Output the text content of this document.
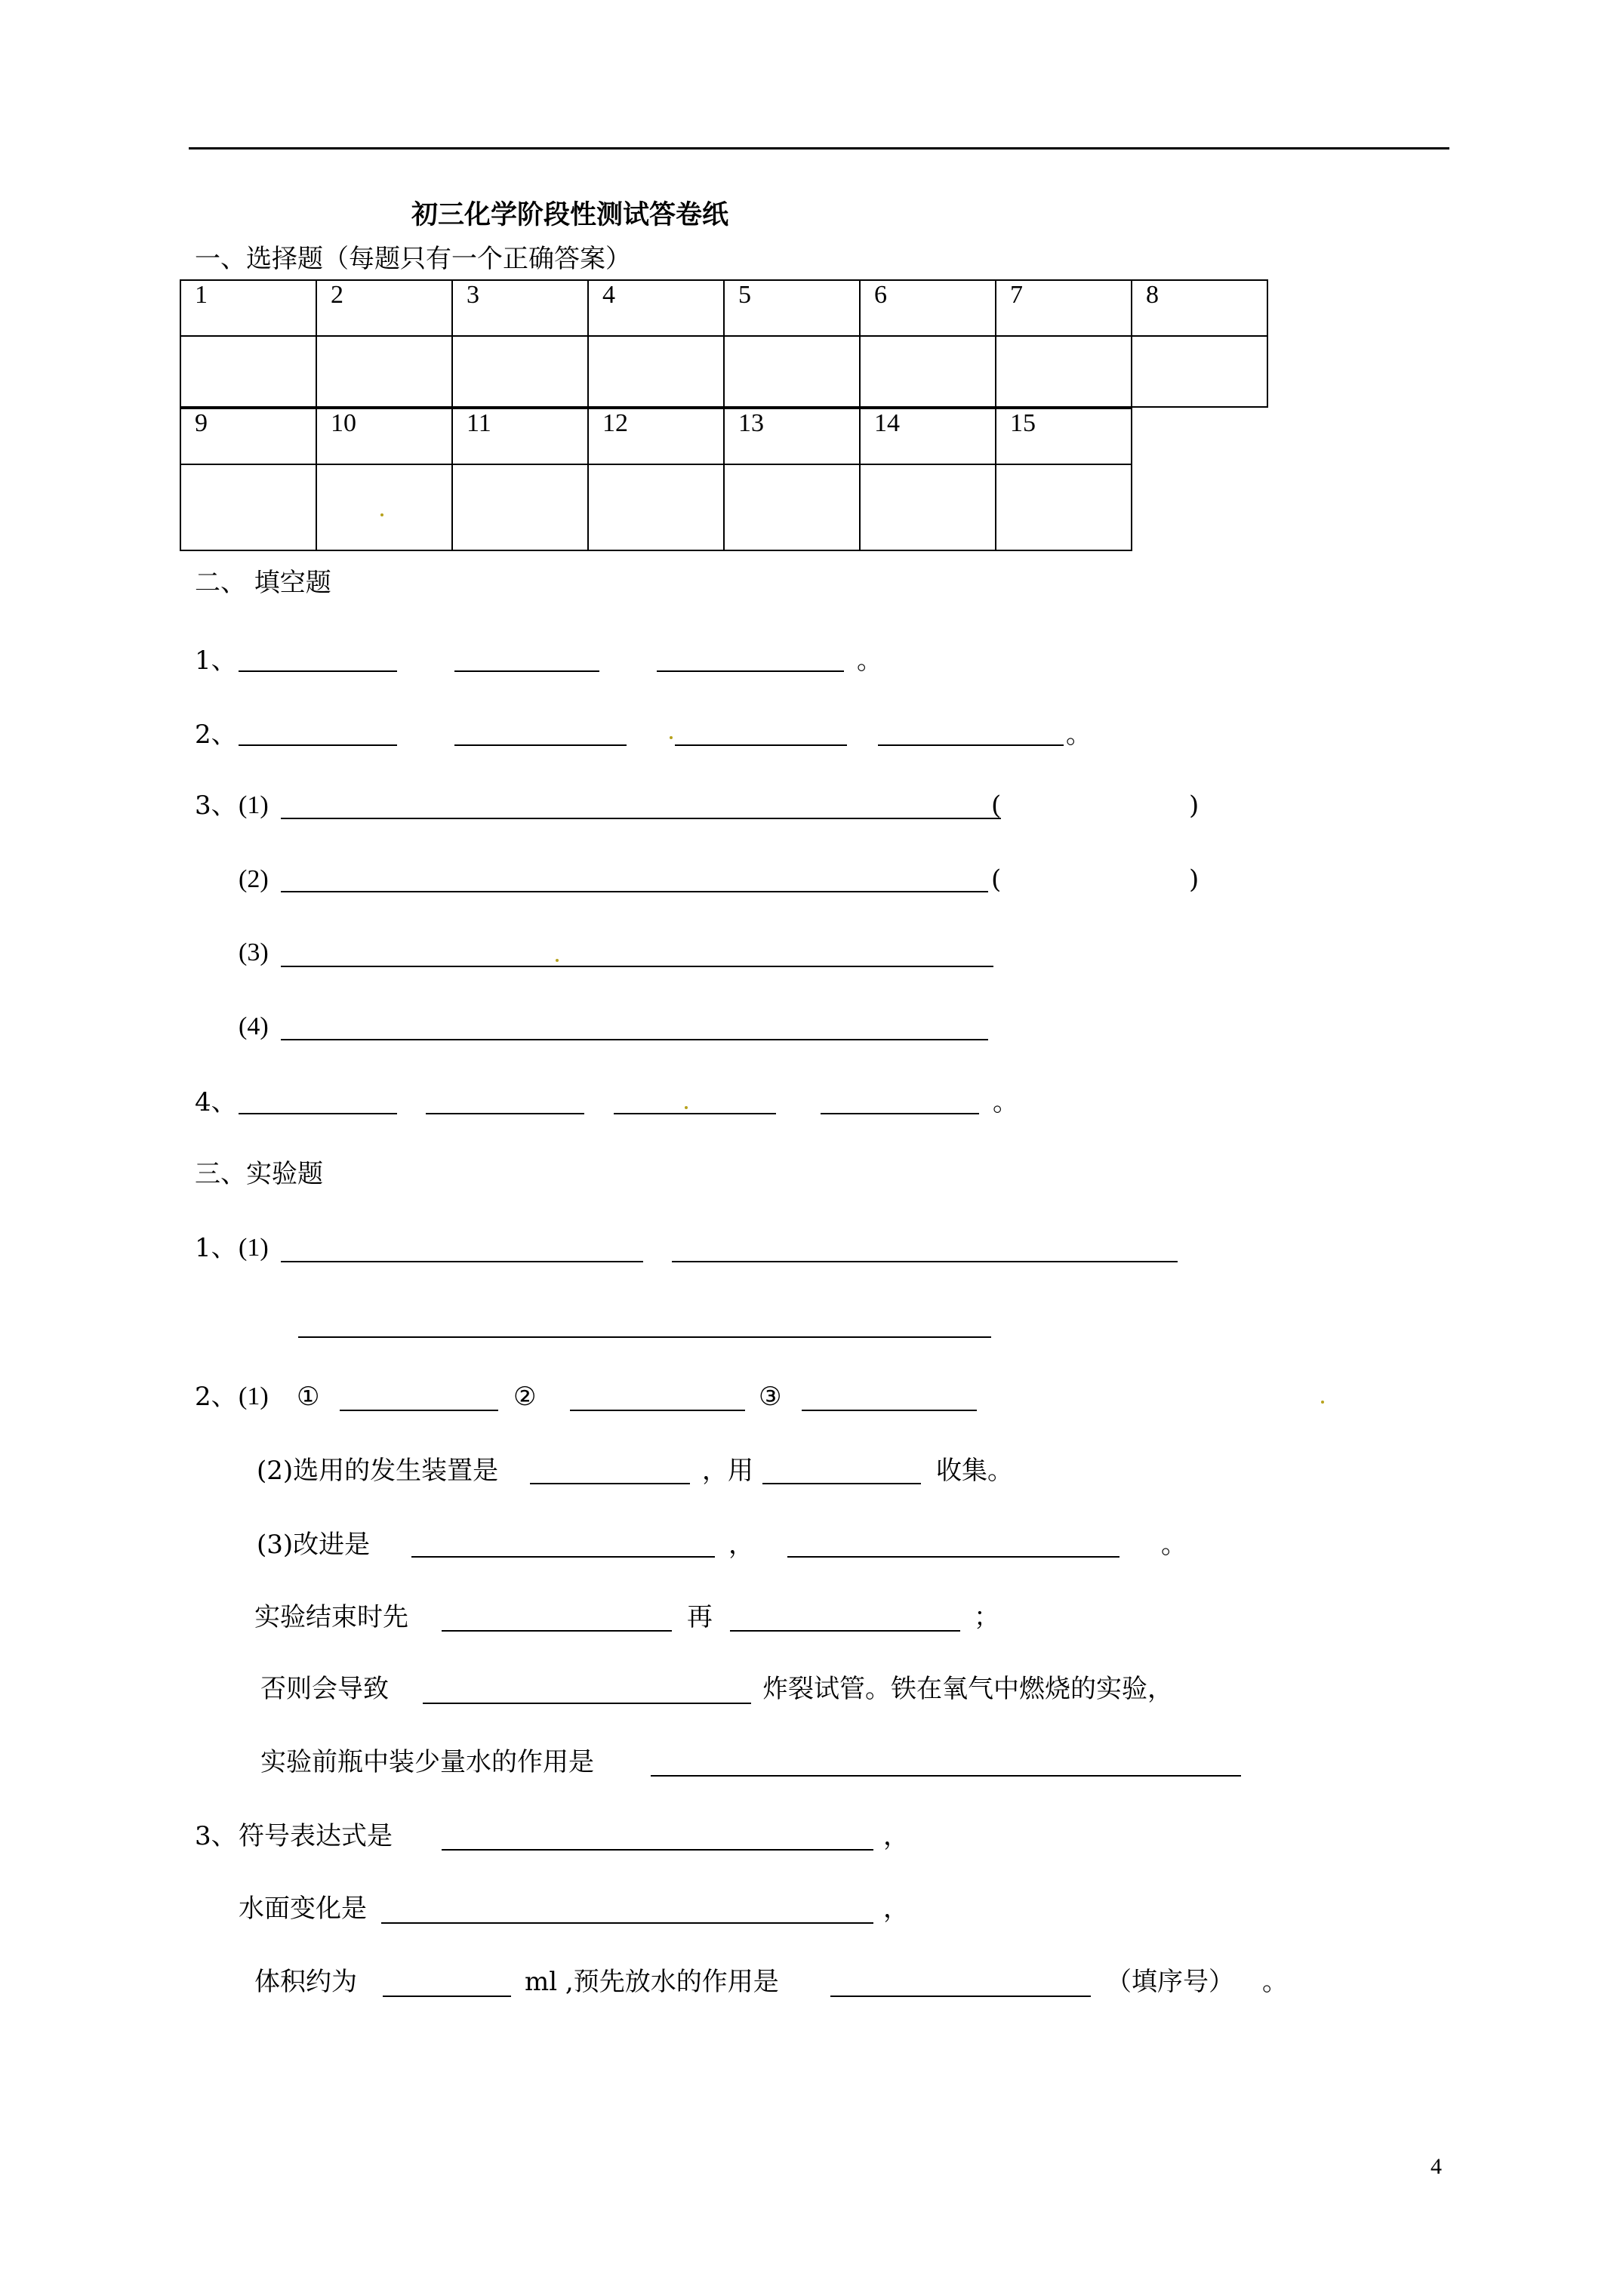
初三化学阶段性测试答卷纸
一、选择题（每题只有一个正确答案）
1	2	3	4	5	6	7	8

9	10	11	12	13	14	15

二、 填空题
1、	。
2、	。
3、 (1)	(	)
(2)	(	)
(3)
(4)
4、	。
三、实验题
1、 (1)
2、 (1) ①	②	③
(2)选用的发生装置是	，用	收集。
(3)改进是	，	。
实验结束时先	再	；
否则会导致	炸裂试管。铁在氧气中燃烧的实验，
实验前瓶中装少量水的作用是
3、 符号表达式是	，
水面变化是	，
体积约为	ml ,预先放水的作用是	（填序号） 。
4
